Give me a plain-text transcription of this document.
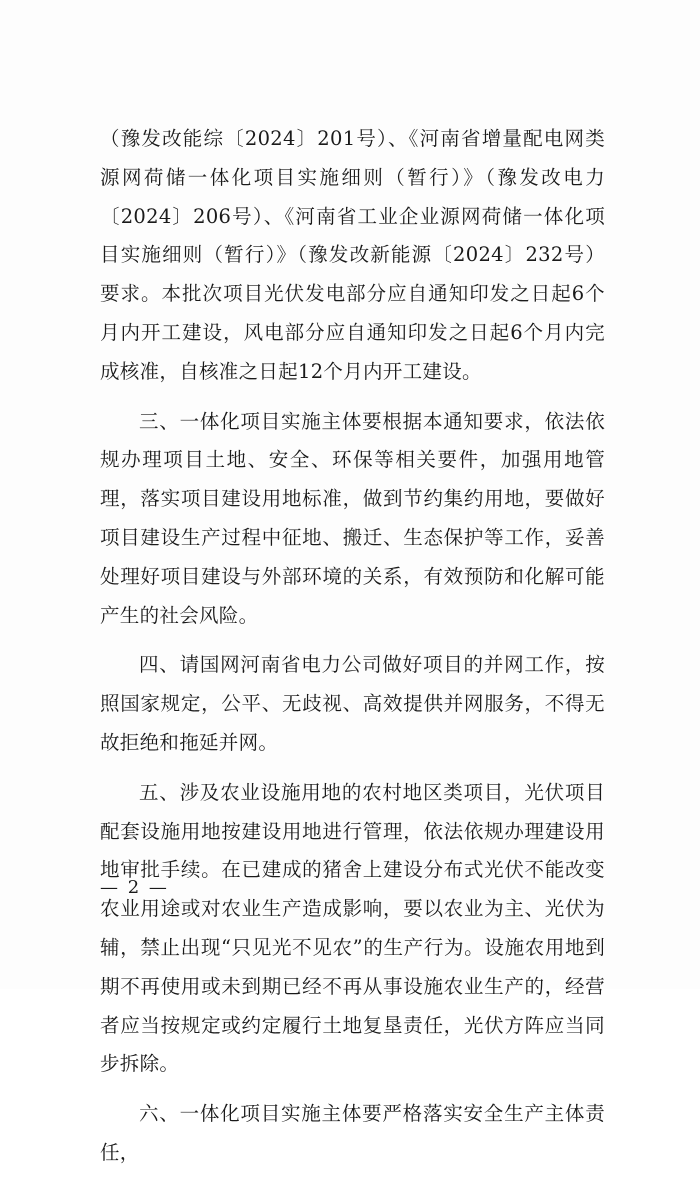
（豫发改能综〔2024〕201号）、《河南省增量配电网类源网荷储一体化项目实施细则（暂行）》（豫发改电力〔2024〕206号）、《河南省工业企业源网荷储一体化项目实施细则（暂行）》（豫发改新能源〔2024〕232号）要求。本批次项目光伏发电部分应自通知印发之日起6个月内开工建设，风电部分应自通知印发之日起6个月内完成核准，自核准之日起12个月内开工建设。

三、一体化项目实施主体要根据本通知要求，依法依规办理项目土地、安全、环保等相关要件，加强用地管理，落实项目建设用地标准，做到节约集约用地，要做好项目建设生产过程中征地、搬迁、生态保护等工作，妥善处理好项目建设与外部环境的关系，有效预防和化解可能产生的社会风险。

四、请国网河南省电力公司做好项目的并网工作，按照国家规定，公平、无歧视、高效提供并网服务，不得无故拒绝和拖延并网。

五、涉及农业设施用地的农村地区类项目，光伏项目配套设施用地按建设用地进行管理，依法依规办理建设用地审批手续。在已建成的猪舍上建设分布式光伏不能改变农业用途或对农业生产造成影响，要以农业为主、光伏为辅，禁止出现“只见光不见农”的生产行为。设施农用地到期不再使用或未到期已经不再从事设施农业生产的，经营者应当按规定或约定履行土地复垦责任，光伏方阵应当同步拆除。

六、一体化项目实施主体要严格落实安全生产主体责任，

— 2 —
